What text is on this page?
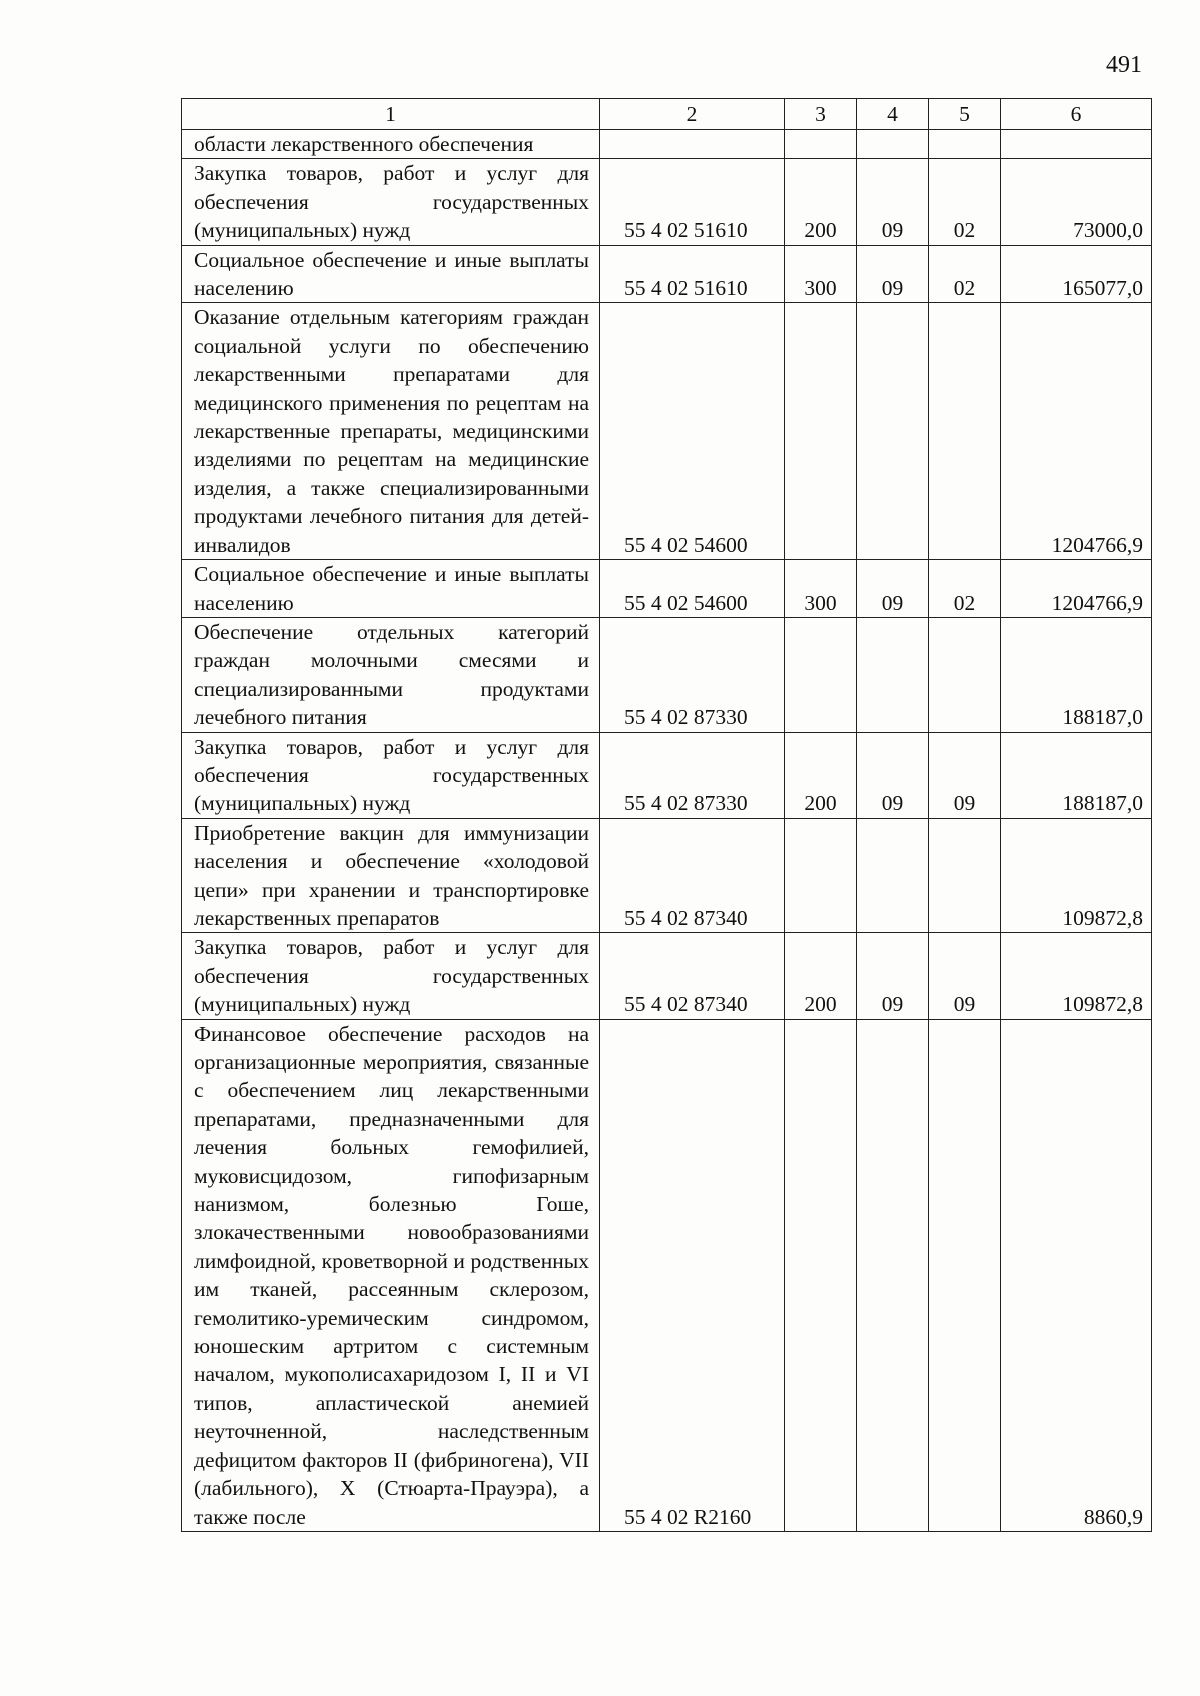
491
1	2	3	4	5	6
области лекарственного обеспечения					
Закупка товаров, работ и услуг для обеспечения государственных (муниципальных) нужд	55 4 02 51610	200	09	02	73000,0
Социальное обеспечение и иные выплаты населению	55 4 02 51610	300	09	02	165077,0
Оказание отдельным категориям граждан социальной услуги по обеспечению лекарственными препаратами для медицинского применения по рецептам на лекарственные препараты, медицинскими изделиями по рецептам на медицинские изделия, а также специализированными продуктами лечебного питания для детей-инвалидов	55 4 02 54600				1204766,9
Социальное обеспечение и иные выплаты населению	55 4 02 54600	300	09	02	1204766,9
Обеспечение отдельных категорий граждан молочными смесями и специализированными продуктами лечебного питания	55 4 02 87330				188187,0
Закупка товаров, работ и услуг для обеспечения государственных (муниципальных) нужд	55 4 02 87330	200	09	09	188187,0
Приобретение вакцин для иммунизации населения и обеспечение «холодовой цепи» при хранении и транспортировке лекарственных препаратов	55 4 02 87340				109872,8
Закупка товаров, работ и услуг для обеспечения государственных (муниципальных) нужд	55 4 02 87340	200	09	09	109872,8
Финансовое обеспечение расходов на организационные мероприятия, связанные с обеспечением лиц лекарственными препаратами, предназначенными для лечения больных гемофилией, муковисцидозом, гипофизарным нанизмом, болезнью Гоше, злокачественными новообразованиями лимфоидной, кроветворной и родственных им тканей, рассеянным склерозом, гемолитико-уремическим синдромом, юношеским артритом с системным началом, мукополисахаридозом I, II и VI типов, апластической анемией неуточненной, наследственным дефицитом факторов II (фибриногена), VII (лабильного), X (Стюарта-Прауэра), а также после	55 4 02 R2160				8860,9
